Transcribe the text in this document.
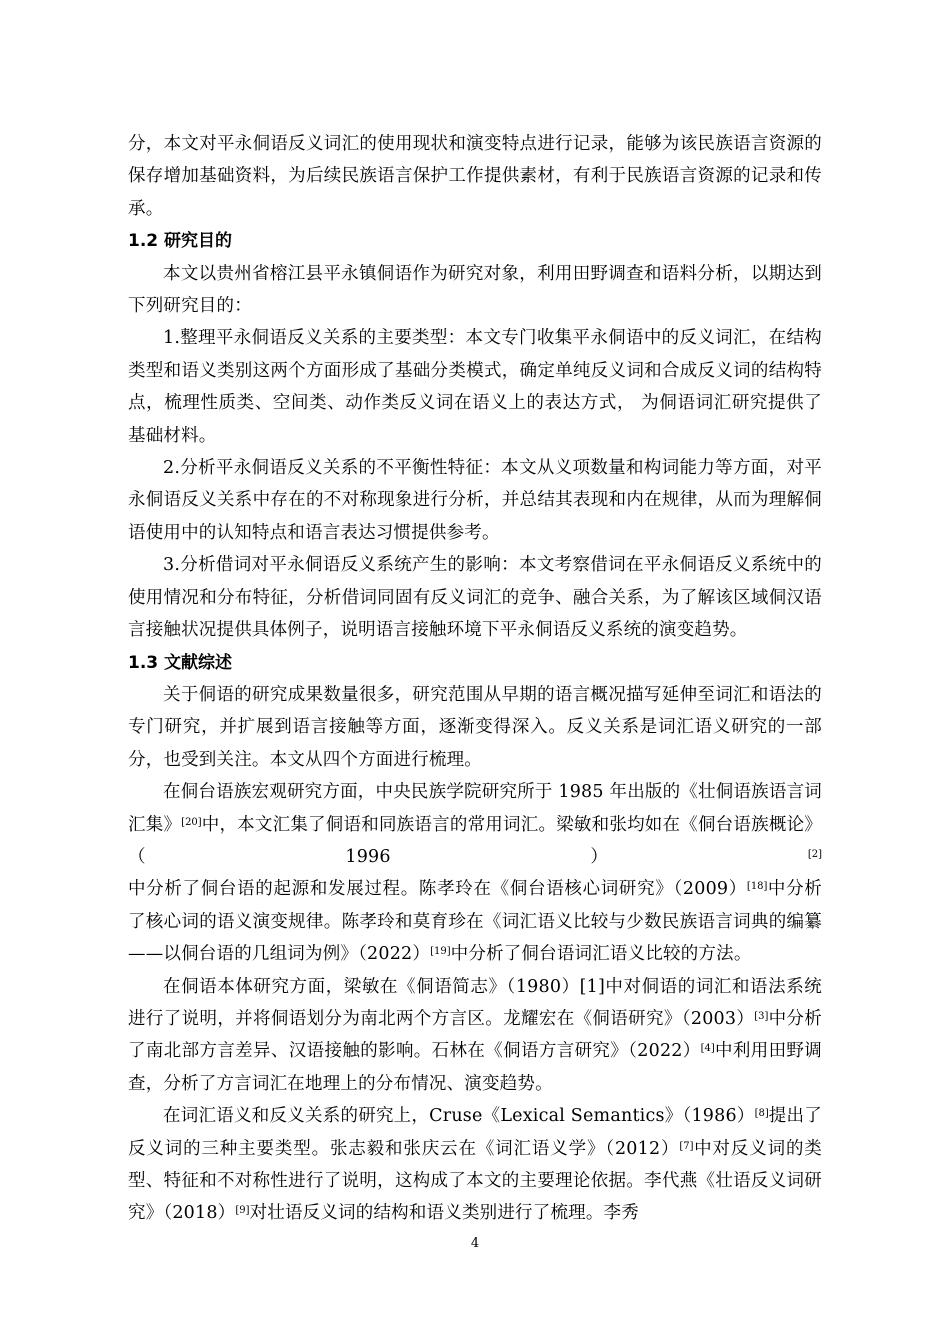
分，本文对平永侗语反义词汇的使用现状和演变特点进行记录，能够为该民族语言资源的保存增加基础资料，为后续民族语言保护工作提供素材，有利于民族语言资源的记录和传承。

1.2 研究目的

本文以贵州省榕江县平永镇侗语作为研究对象，利用田野调查和语料分析，以期达到下列研究目的：

1.整理平永侗语反义关系的主要类型：本文专门收集平永侗语中的反义词汇，在结构类型和语义类别这两个方面形成了基础分类模式，确定单纯反义词和合成反义词的结构特点，梳理性质类、空间类、动作类反义词在语义上的表达方式， 为侗语词汇研究提供了基础材料。

2.分析平永侗语反义关系的不平衡性特征：本文从义项数量和构词能力等方面，对平永侗语反义关系中存在的不对称现象进行分析，并总结其表现和内在规律，从而为理解侗语使用中的认知特点和语言表达习惯提供参考。

3.分析借词对平永侗语反义系统产生的影响：本文考察借词在平永侗语反义系统中的使用情况和分布特征，分析借词同固有反义词汇的竞争、融合关系，为了解该区域侗汉语言接触状况提供具体例子，说明语言接触环境下平永侗语反义系统的演变趋势。

1.3 文献综述

关于侗语的研究成果数量很多，研究范围从早期的语言概况描写延伸至词汇和语法的专门研究，并扩展到语言接触等方面，逐渐变得深入。反义关系是词汇语义研究的一部分，也受到关注。本文从四个方面进行梳理。

在侗台语族宏观研究方面，中央民族学院研究所于 1985 年出版的《壮侗语族语言词汇集》[20]中，本文汇集了侗语和同族语言的常用词汇。梁敏和张均如在《侗台语族概论》（1996）[2]中分析了侗台语的起源和发展过程。陈孝玲在《侗台语核心词研究》（2009）[18]中分析了核心词的语义演变规律。陈孝玲和莫育珍在《词汇语义比较与少数民族语言词典的编纂——以侗台语的几组词为例》（2022）[19]中分析了侗台语词汇语义比较的方法。

在侗语本体研究方面，梁敏在《侗语简志》（1980）[1]中对侗语的词汇和语法系统进行了说明，并将侗语划分为南北两个方言区。龙耀宏在《侗语研究》（2003）[3]中分析了南北部方言差异、汉语接触的影响。石林在《侗语方言研究》（2022）[4]中利用田野调查，分析了方言词汇在地理上的分布情况、演变趋势。

在词汇语义和反义关系的研究上，Cruse《Lexical Semantics》（1986）[8]提出了反义词的三种主要类型。张志毅和张庆云在《词汇语义学》（2012）[7]中对反义词的类型、特征和不对称性进行了说明，这构成了本文的主要理论依据。李代燕《壮语反义词研究》（2018）[9]对壮语反义词的结构和语义类别进行了梳理。李秀

4
